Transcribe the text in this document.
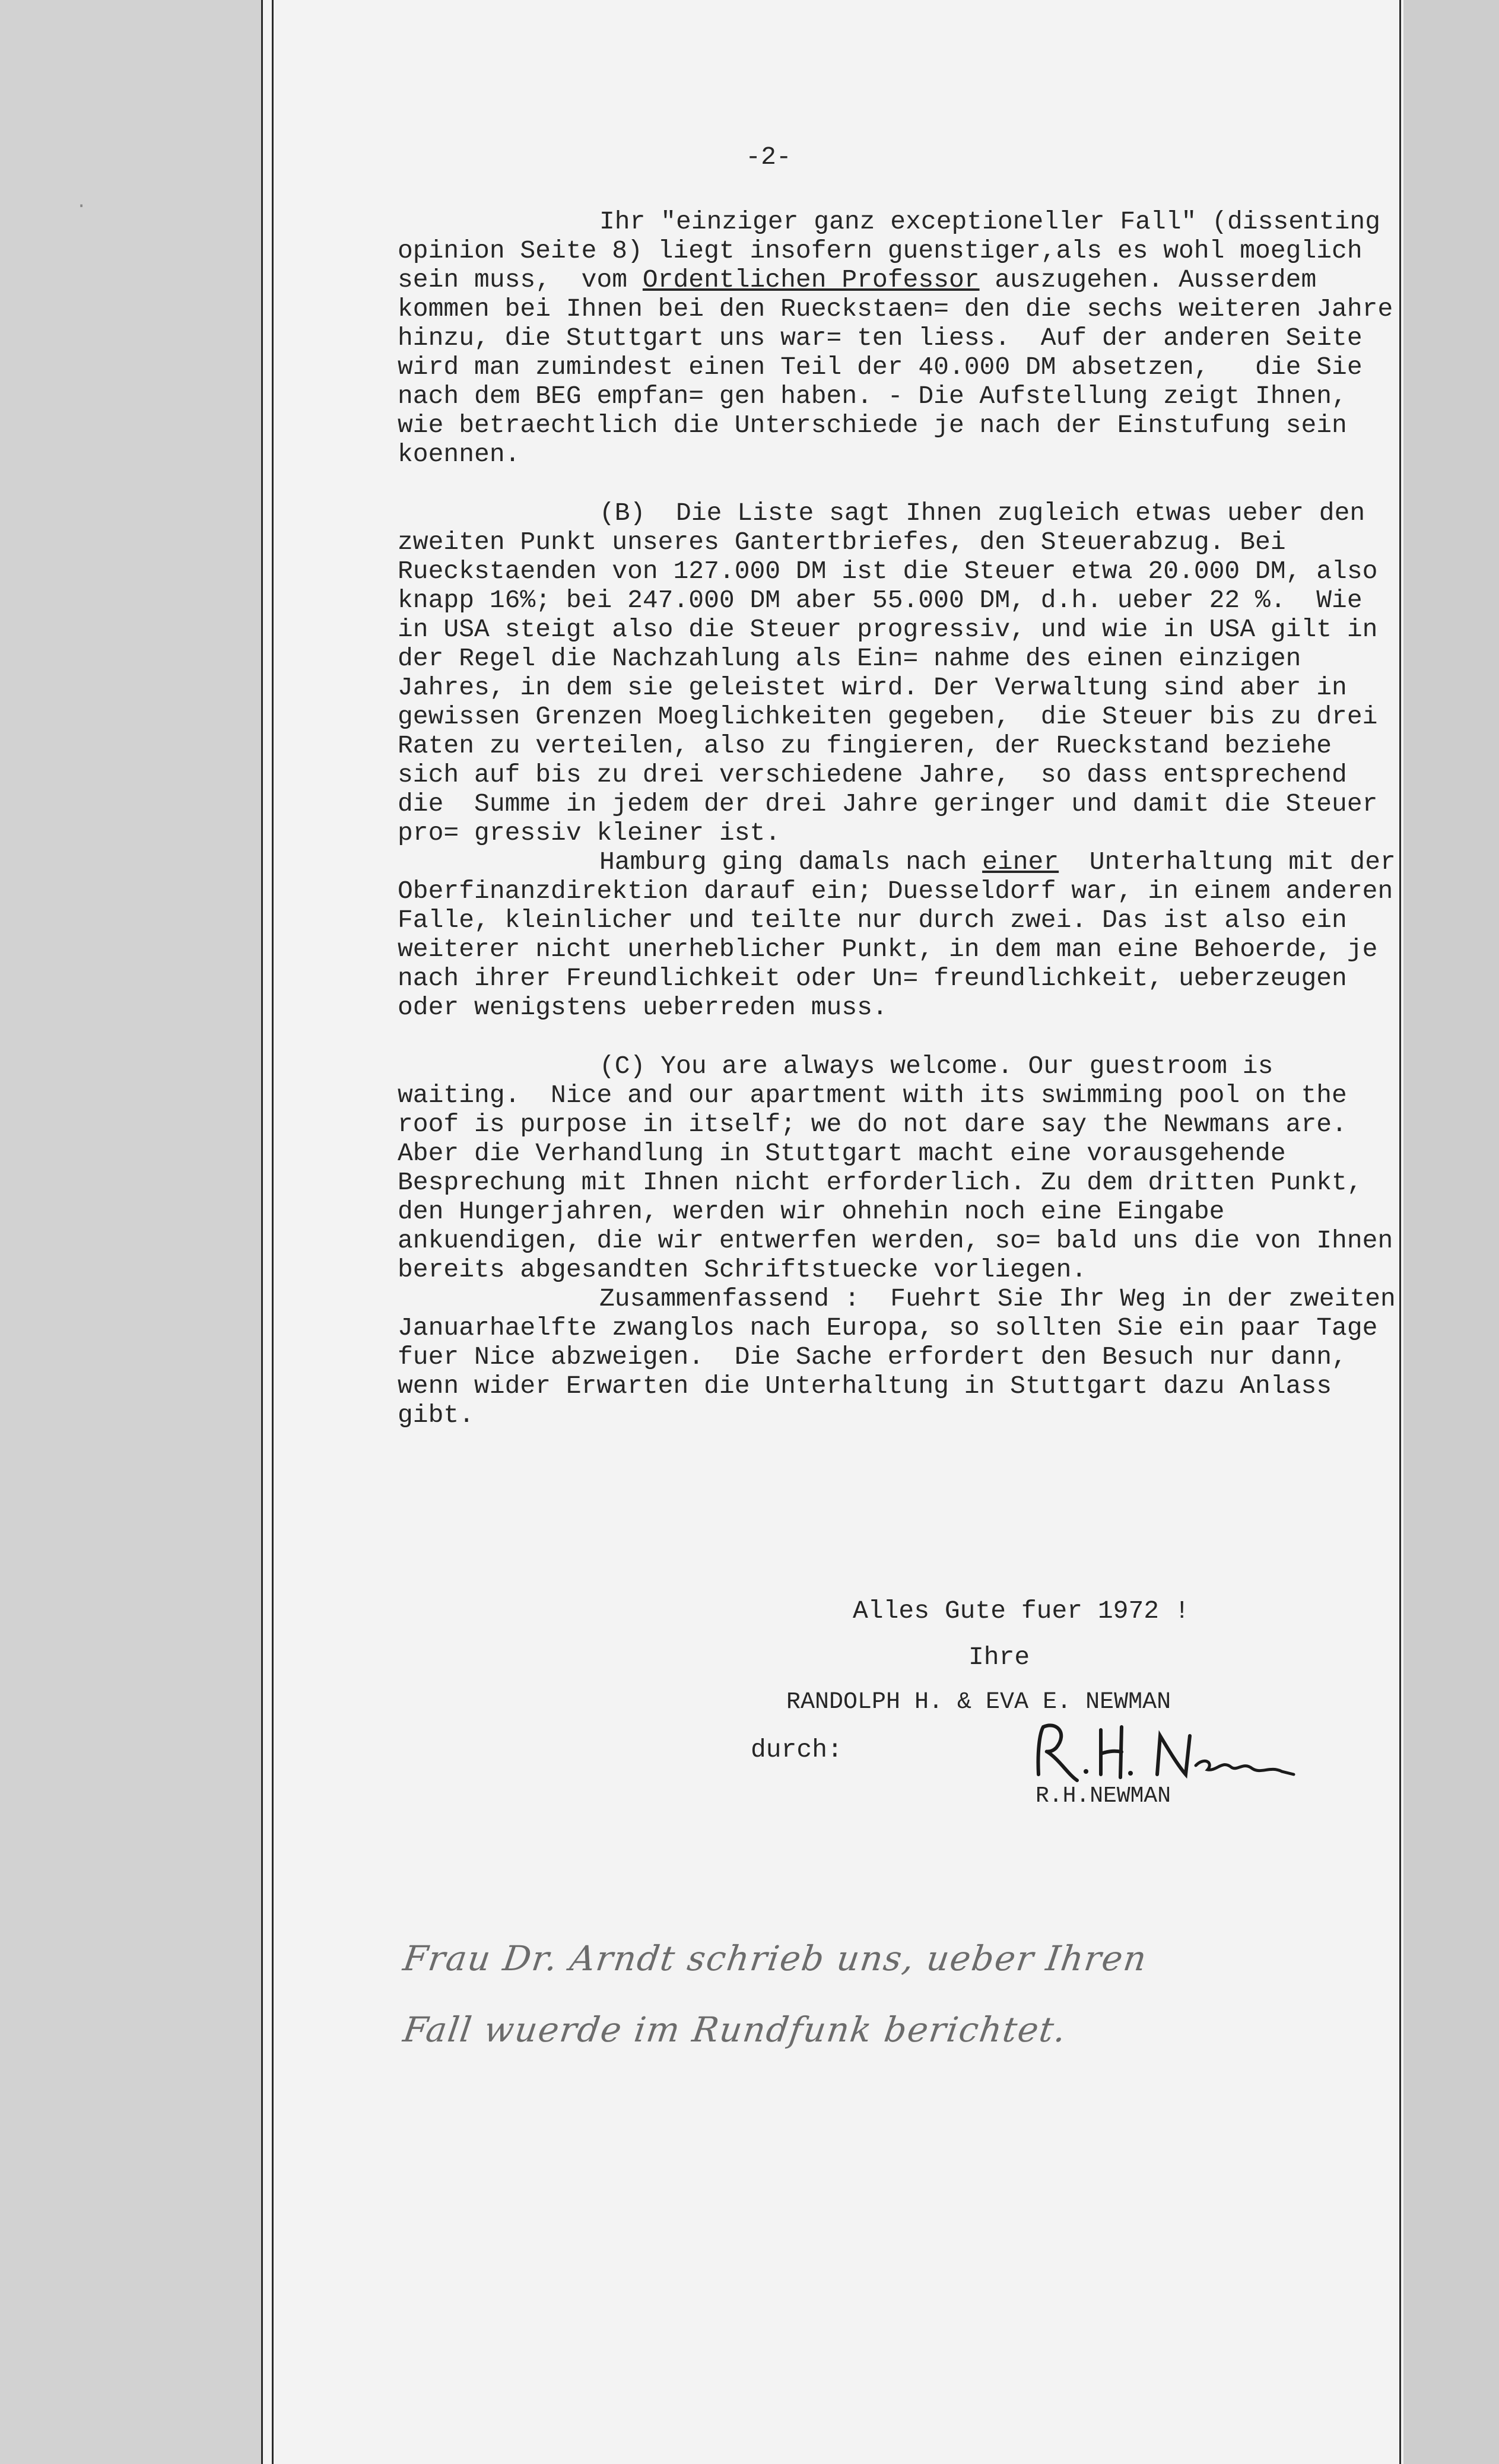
⋅
-2-

Ihr "einziger ganz exceptioneller Fall" (dissenting opinion Seite 8) liegt insofern guenstiger,als es wohl moeglich sein muss,  vom Ordentlichen Professor auszugehen. Ausserdem kommen bei Ihnen bei den Rueckstaen= den die sechs weiteren Jahre hinzu, die Stuttgart uns war= ten liess.  Auf der anderen Seite wird man zumindest einen Teil der 40.000 DM absetzen,   die Sie nach dem BEG empfan= gen haben. - Die Aufstellung zeigt Ihnen, wie betraechtlich die Unterschiede je nach der Einstufung sein koennen.

(B)  Die Liste sagt Ihnen zugleich etwas ueber den zweiten Punkt unseres Gantertbriefes, den Steuerabzug. Bei Rueckstaenden von 127.000 DM ist die Steuer etwa 20.000 DM, also knapp 16%; bei 247.000 DM aber 55.000 DM, d.h. ueber 22 %.  Wie in USA steigt also die Steuer progressiv, und wie in USA gilt in der Regel die Nachzahlung als Ein= nahme des einen einzigen Jahres, in dem sie geleistet wird. Der Verwaltung sind aber in gewissen Grenzen Moeglichkeiten gegeben,  die Steuer bis zu drei Raten zu verteilen, also zu fingieren, der Rueckstand beziehe sich auf bis zu drei verschiedene Jahre,  so dass entsprechend die  Summe in jedem der drei Jahre geringer und damit die Steuer pro= gressiv kleiner ist.

Hamburg ging damals nach einer  Unterhaltung mit der Oberfinanzdirektion darauf ein; Duesseldorf war, in einem anderen Falle, kleinlicher und teilte nur durch zwei. Das ist also ein weiterer nicht unerheblicher Punkt, in dem man eine Behoerde, je nach ihrer Freundlichkeit oder Un= freundlichkeit, ueberzeugen oder wenigstens ueberreden muss.

(C) You are always welcome. Our guestroom is waiting.  Nice and our apartment with its swimming pool on the roof is purpose in itself; we do not dare say the Newmans are.  Aber die Verhandlung in Stuttgart macht eine vorausgehende Besprechung mit Ihnen nicht erforderlich. Zu dem dritten Punkt, den Hungerjahren, werden wir ohnehin noch eine Eingabe ankuendigen, die wir entwerfen werden, so= bald uns die von Ihnen bereits abgesandten Schriftstuecke vorliegen.

Zusammenfassend :  Fuehrt Sie Ihr Weg in der zweiten Januarhaelfte zwanglos nach Europa, so sollten Sie ein paar Tage fuer Nice abzweigen.  Die Sache erfordert den Besuch nur dann,  wenn wider Erwarten die Unterhaltung in Stuttgart dazu Anlass gibt.

Alles Gute fuer 1972 !
Ihre
RANDOLPH H. & EVA E. NEWMAN
durch:
R.H.NEWMAN
Frau Dr. Arndt schrieb uns, ueber Ihren
Fall wuerde im Rundfunk berichtet.
